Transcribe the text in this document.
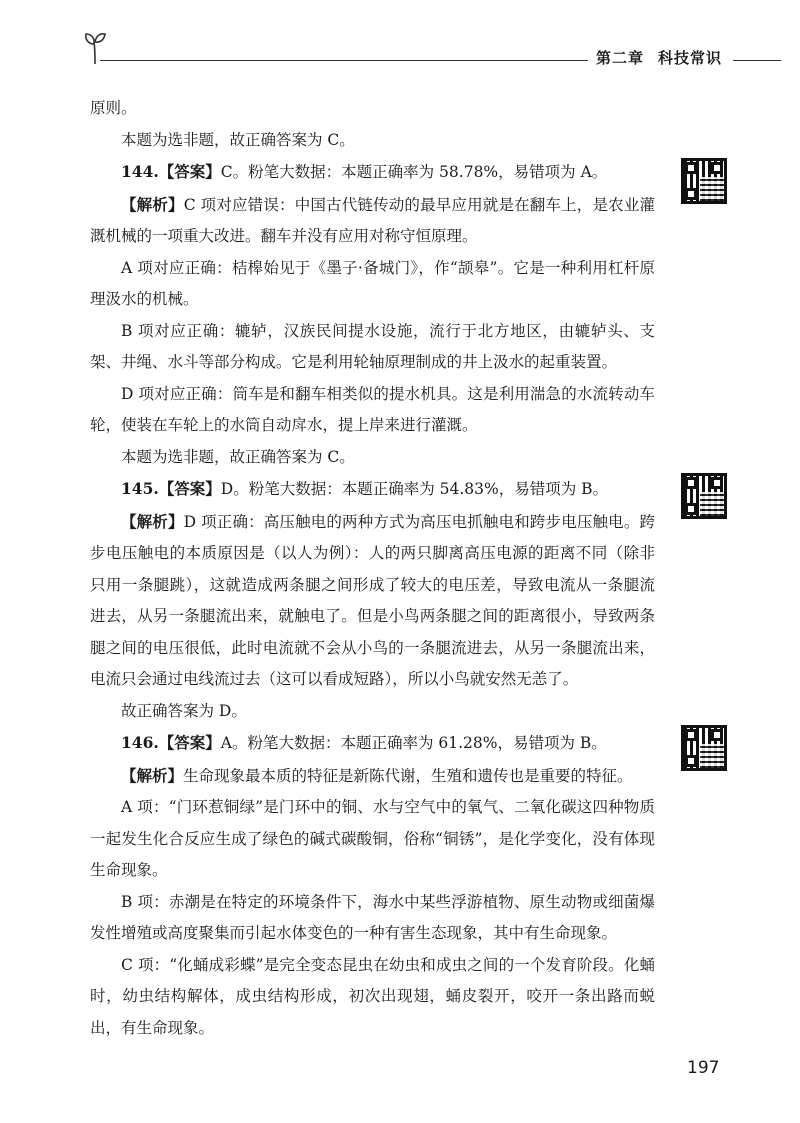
第二章 科技常识

原则。

本题为选非题，故正确答案为 C。

144.【答案】C。粉笔大数据：本题正确率为 58.78%，易错项为 A。

【解析】C 项对应错误：中国古代链传动的最早应用就是在翻车上，是农业灌溉机械的一项重大改进。翻车并没有应用对称守恒原理。

A 项对应正确：桔槔始见于《墨子·备城门》，作“颉皋”。它是一种利用杠杆原理汲水的机械。

B 项对应正确：辘轳，汉族民间提水设施，流行于北方地区，由辘轳头、支架、井绳、水斗等部分构成。它是利用轮轴原理制成的井上汲水的起重装置。

D 项对应正确：筒车是和翻车相类似的提水机具。这是利用湍急的水流转动车轮，使装在车轮上的水筒自动戽水，提上岸来进行灌溉。

本题为选非题，故正确答案为 C。

145.【答案】D。粉笔大数据：本题正确率为 54.83%，易错项为 B。

【解析】D 项正确：高压触电的两种方式为高压电抓触电和跨步电压触电。跨步电压触电的本质原因是（以人为例）：人的两只脚离高压电源的距离不同（除非只用一条腿跳），这就造成两条腿之间形成了较大的电压差，导致电流从一条腿流进去，从另一条腿流出来，就触电了。但是小鸟两条腿之间的距离很小，导致两条腿之间的电压很低，此时电流就不会从小鸟的一条腿流进去，从另一条腿流出来，电流只会通过电线流过去（这可以看成短路），所以小鸟就安然无恙了。

故正确答案为 D。

146.【答案】A。粉笔大数据：本题正确率为 61.28%，易错项为 B。

【解析】生命现象最本质的特征是新陈代谢，生殖和遗传也是重要的特征。

A 项：“门环惹铜绿”是门环中的铜、水与空气中的氧气、二氧化碳这四种物质一起发生化合反应生成了绿色的碱式碳酸铜，俗称“铜锈”，是化学变化，没有体现生命现象。

B 项：赤潮是在特定的环境条件下，海水中某些浮游植物、原生动物或细菌爆发性增殖或高度聚集而引起水体变色的一种有害生态现象，其中有生命现象。

C 项：“化蛹成彩蝶”是完全变态昆虫在幼虫和成虫之间的一个发育阶段。化蛹时，幼虫结构解体，成虫结构形成，初次出现翅，蛹皮裂开，咬开一条出路而蜕出，有生命现象。

197
